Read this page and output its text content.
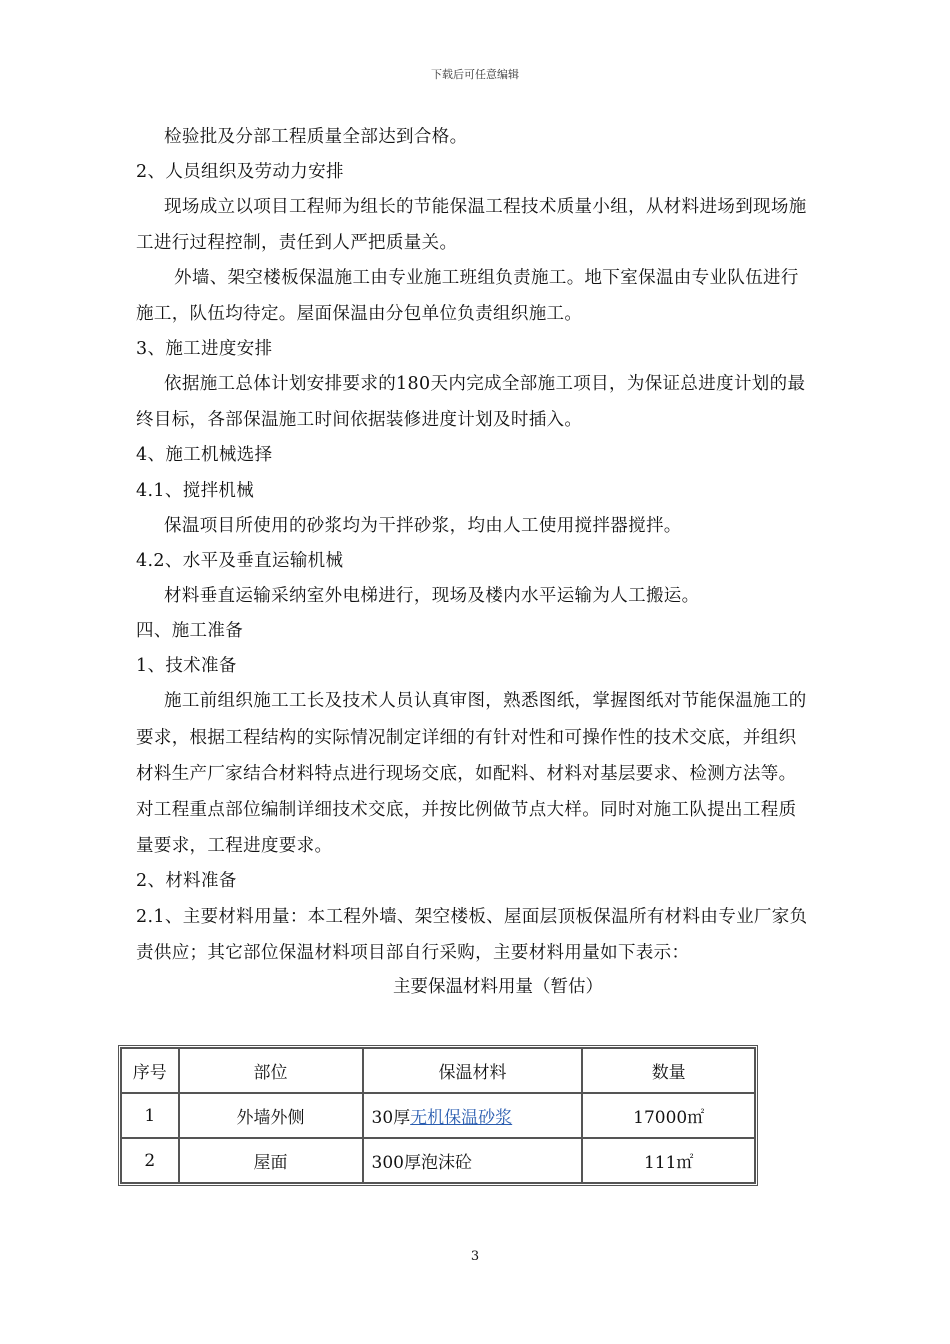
下载后可任意编辑
检验批及分部工程质量全部达到合格。
2、人员组织及劳动力安排
现场成立以项目工程师为组长的节能保温工程技术质量小组，从材料进场到现场施
工进行过程控制，责任到人严把质量关。
外墙、架空楼板保温施工由专业施工班组负责施工。地下室保温由专业队伍进行
施工，队伍均待定。屋面保温由分包单位负责组织施工。
3、施工进度安排
依据施工总体计划安排要求的180天内完成全部施工项目，为保证总进度计划的最
终目标，各部保温施工时间依据装修进度计划及时插入。
4、施工机械选择
4.1、搅拌机械
保温项目所使用的砂浆均为干拌砂浆，均由人工使用搅拌器搅拌。
4.2、水平及垂直运输机械
材料垂直运输采纳室外电梯进行，现场及楼内水平运输为人工搬运。
四、施工准备
1、技术准备
施工前组织施工工长及技术人员认真审图，熟悉图纸，掌握图纸对节能保温施工的
要求，根据工程结构的实际情况制定详细的有针对性和可操作性的技术交底，并组织
材料生产厂家结合材料特点进行现场交底，如配料、材料对基层要求、检测方法等。
对工程重点部位编制详细技术交底，并按比例做节点大样。同时对施工队提出工程质
量要求，工程进度要求。
2、材料准备
2.1、主要材料用量：本工程外墙、架空楼板、屋面层顶板保温所有材料由专业厂家负
责供应；其它部位保温材料项目部自行采购，主要材料用量如下表示：
主要保温材料用量（暂估）
序号	部位	保温材料	数量
1	外墙外侧	30厚无机保温砂浆	17000㎡
2	屋面	300厚泡沫砼	111㎡
3
